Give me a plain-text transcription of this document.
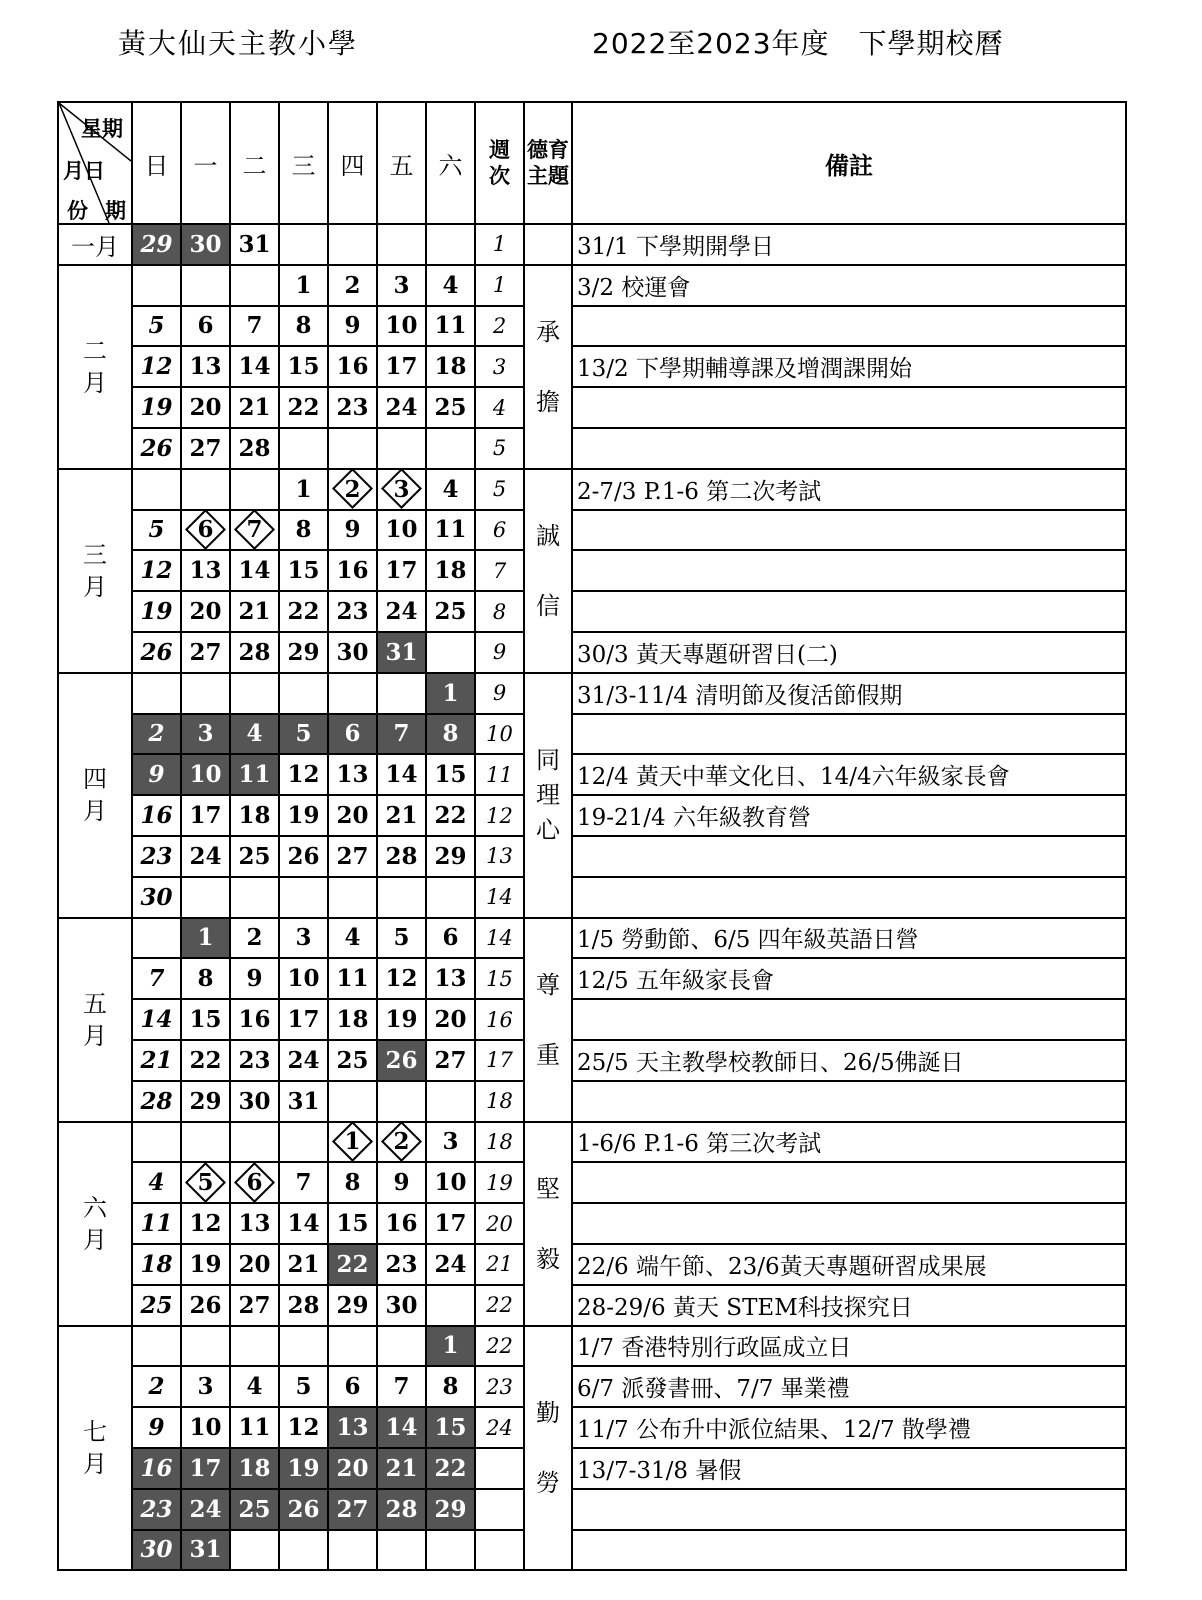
黃大仙天主教小學	2022至2023年度　下學期校曆
星期
月日
份 期	日	一	二	三	四	五	六	週次	德育主題	備註
一月	29	30	31					1		31/1 下學期開學日
二月				1	2	3	4	1	承擔	3/2 校運會
	5	6	7	8	9	10	11	2		
	12	13	14	15	16	17	18	3		13/2 下學期輔導課及增潤課開始
	19	20	21	22	23	24	25	4		
	26	27	28					5		
三月				1	2	3	4	5	誠信	2-7/3 P.1-6 第二次考試
	5	6	7	8	9	10	11	6		
	12	13	14	15	16	17	18	7		
	19	20	21	22	23	24	25	8		
	26	27	28	29	30	31		9		30/3 黃天專題研習日(二)
四月							1	9	同理心	31/3-11/4 清明節及復活節假期
	2	3	4	5	6	7	8	10		
	9	10	11	12	13	14	15	11		12/4 黃天中華文化日、14/4六年級家長會
	16	17	18	19	20	21	22	12		19-21/4 六年級教育營
	23	24	25	26	27	28	29	13		
	30							14		
五月		1	2	3	4	5	6	14	尊重	1/5 勞動節、6/5 四年級英語日營
	7	8	9	10	11	12	13	15		12/5 五年級家長會
	14	15	16	17	18	19	20	16		
	21	22	23	24	25	26	27	17		25/5 天主教學校教師日、26/5佛誕日
	28	29	30	31				18		
六月					1	2	3	18	堅毅	1-6/6 P.1-6 第三次考試
	4	5	6	7	8	9	10	19		
	11	12	13	14	15	16	17	20		
	18	19	20	21	22	23	24	21		22/6 端午節、23/6黃天專題研習成果展
	25	26	27	28	29	30		22		28-29/6 黃天 STEM科技探究日
七月							1	22	勤勞	1/7 香港特別行政區成立日
	2	3	4	5	6	7	8	23		6/7 派發書冊、7/7 畢業禮
	9	10	11	12	13	14	15	24		11/7 公布升中派位結果、12/7 散學禮
	16	17	18	19	20	21	22			13/7-31/8 暑假
	23	24	25	26	27	28	29			
	30	31								
